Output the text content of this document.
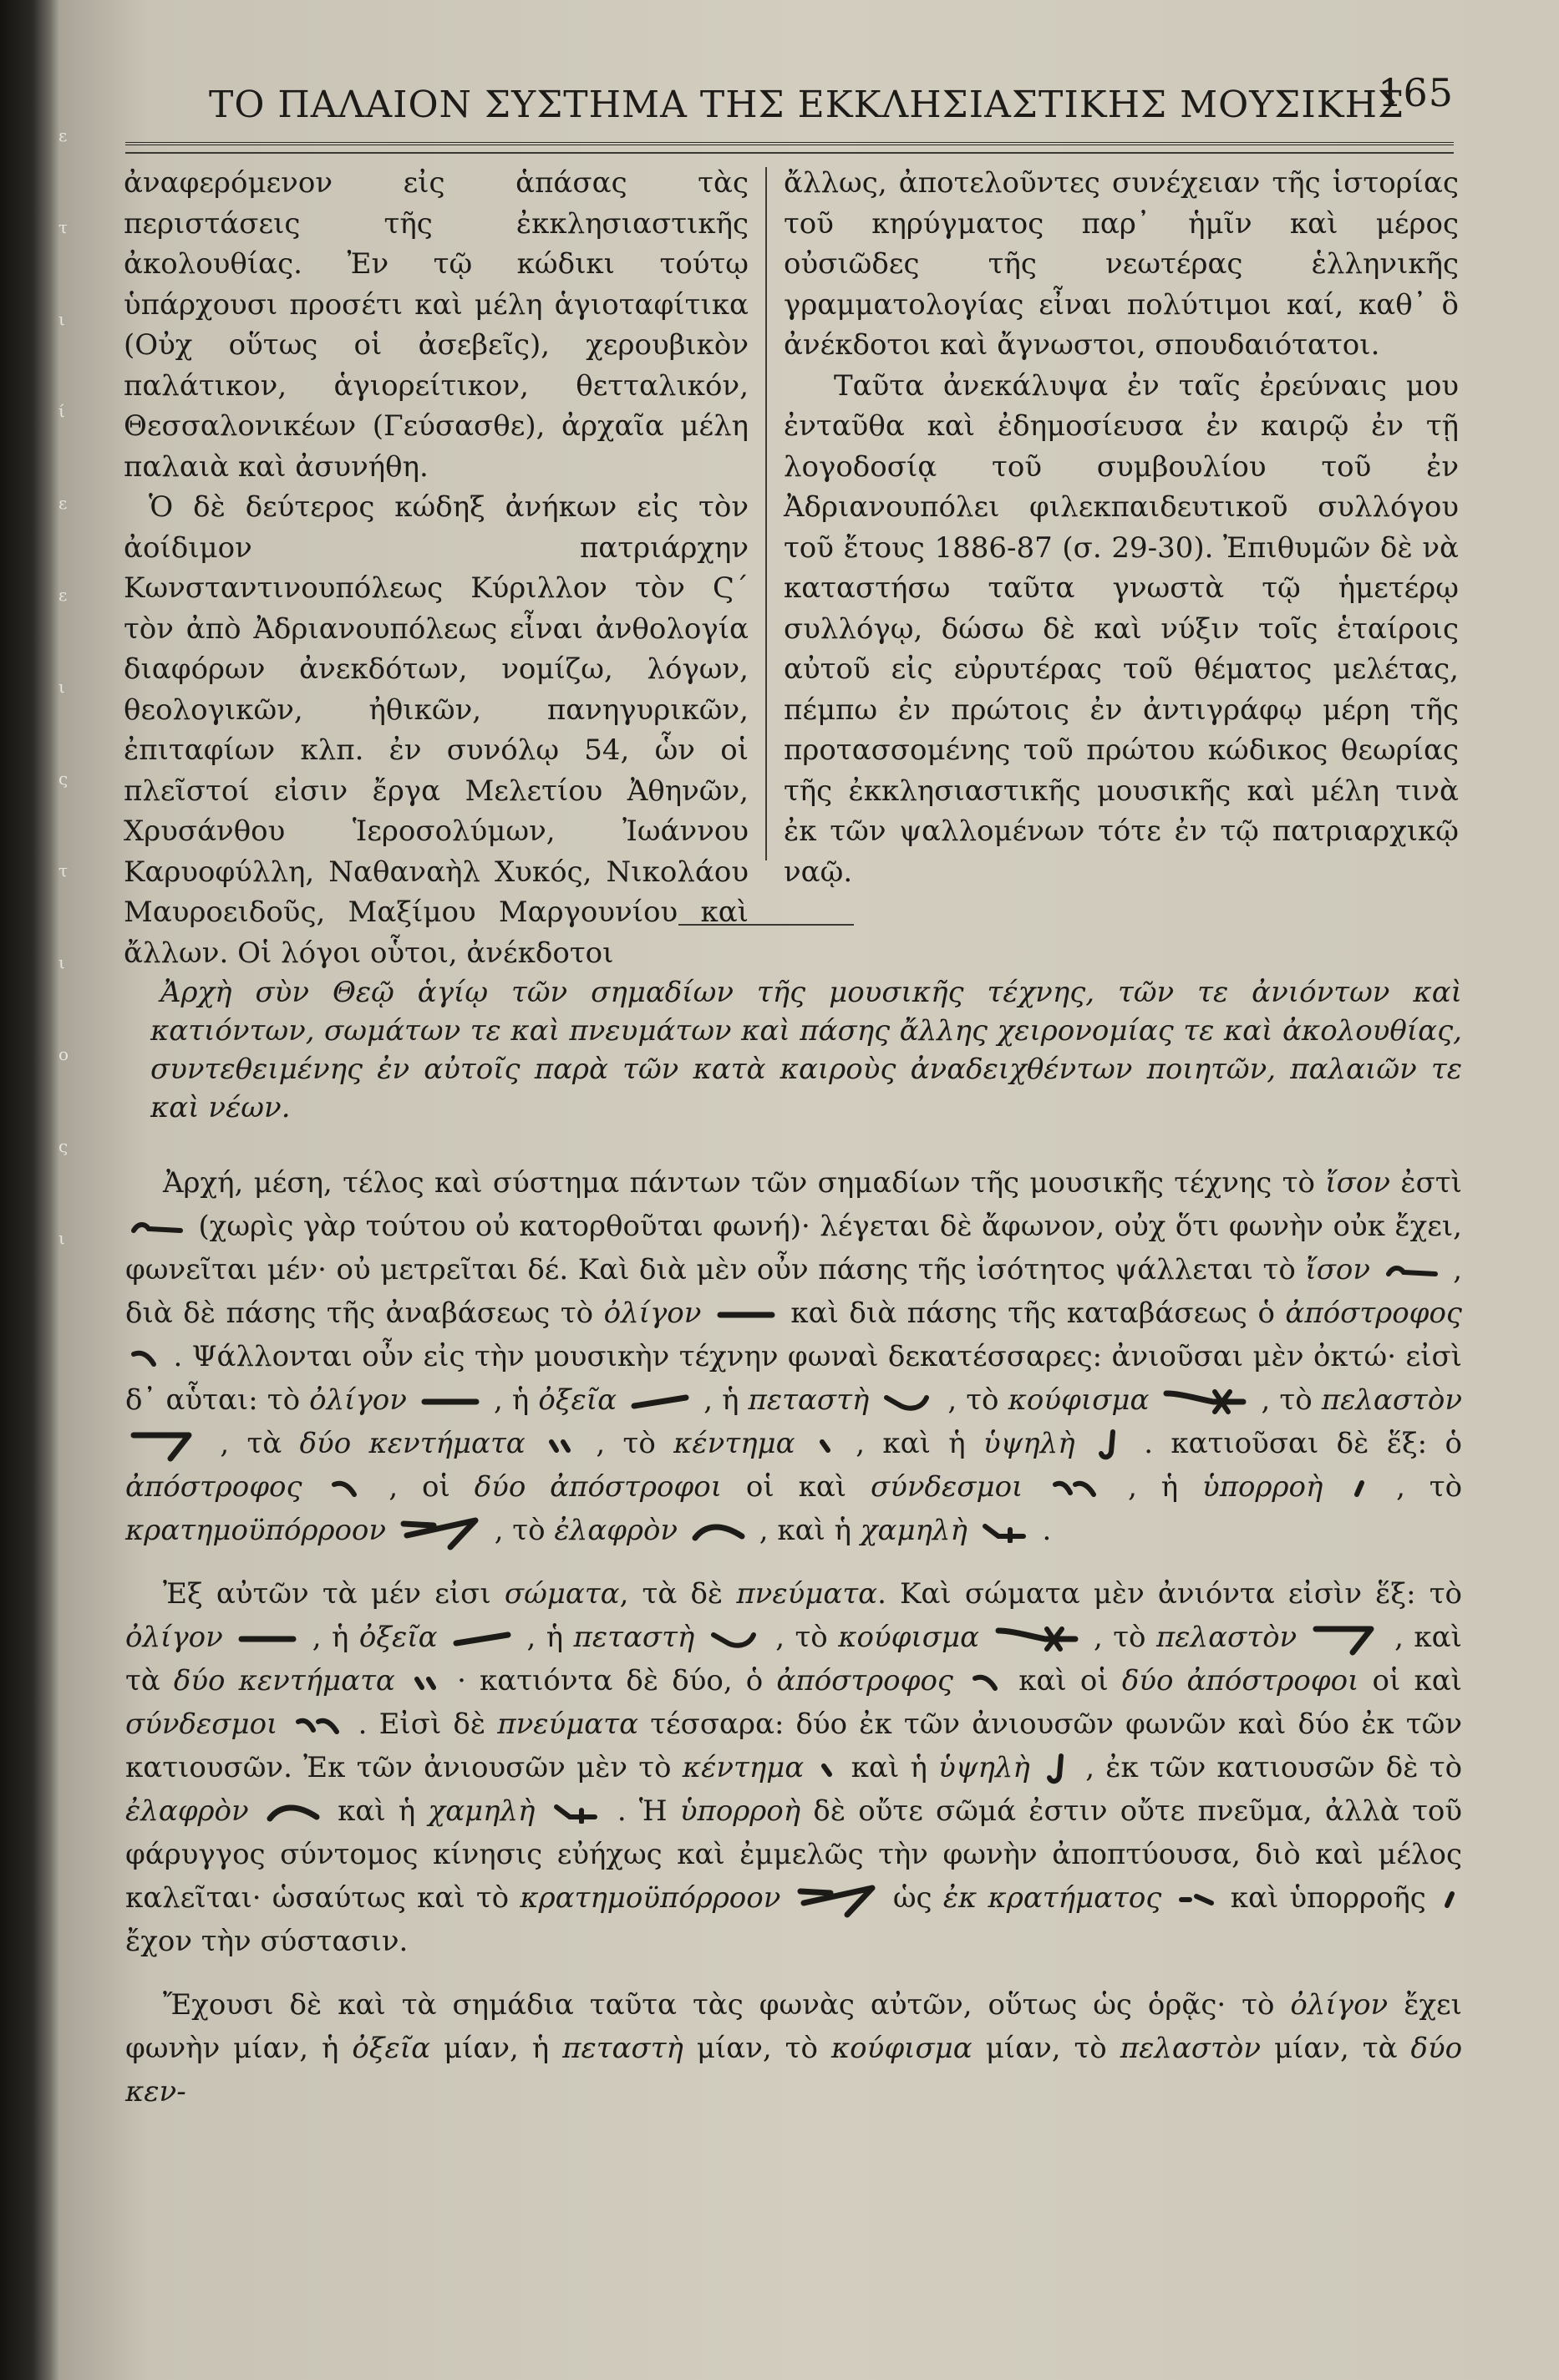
ε
τ
ι
ί
ε
ε
ι
ς
τ
ι
ο
ς
ι
ΤΟ ΠΑΛΑΙΟΝ ΣΥΣΤΗΜΑ ΤΗΣ ΕΚΚΛΗΣΙΑΣΤΙΚΗΣ ΜΟΥΣΙΚΗΣ
165

ἀναφερόμενον εἰς ἁπάσας τὰς περιστάσεις τῆς ἐκκλησιαστικῆς ἀκολουθίας. Ἐν τῷ κώδικι τούτῳ ὑπάρχουσι προσέτι καὶ μέλη ἁγιοταφίτικα (Οὐχ οὕτως οἱ ἀσεβεῖς), χερουβικὸν παλάτικον, ἁγιορείτικον, θετταλικόν, Θεσσαλονικέων (Γεύσασθε), ἀρχαῖα μέλη παλαιὰ καὶ ἀσυνήθη.

Ὁ δὲ δεύτερος κώδηξ ἀνήκων εἰς τὸν ἀοίδιμον πατριάρχην Κωνσταντινουπόλεως Κύριλλον τὸν Ϛ΄ τὸν ἀπὸ Ἀδριανουπόλεως εἶναι ἀνθολογία διαφόρων ἀνεκδότων, νομίζω, λόγων, θεολογικῶν, ἠθικῶν, πανηγυρικῶν, ἐπιταφίων κλπ. ἐν συνόλῳ 54, ὧν οἱ πλεῖστοί εἰσιν ἔργα Μελετίου Ἀθηνῶν, Χρυσάνθου Ἱεροσολύμων, Ἰωάννου Καρυοφύλλη, Ναθαναὴλ Χυκός, Νικολάου Μαυροειδοῦς, Μαξίμου Μαργουνίου καὶ ἄλλων. Οἱ λόγοι οὗτοι, ἀνέκδοτοι

ἄλλως, ἀποτελοῦντες συνέχειαν τῆς ἱστορίας τοῦ κηρύγματος παρ᾽ ἡμῖν καὶ μέρος οὐσιῶδες τῆς νεωτέρας ἑλληνικῆς γραμματολογίας εἶναι πολύτιμοι καί, καθ᾽ ὃ ἀνέκδοτοι καὶ ἄγνωστοι, σπουδαιότατοι.

Ταῦτα ἀνεκάλυψα ἐν ταῖς ἐρεύναις μου ἐνταῦθα καὶ ἐδημοσίευσα ἐν καιρῷ ἐν τῇ λογοδοσίᾳ τοῦ συμβουλίου τοῦ ἐν Ἀδριανουπόλει φιλεκπαιδευτικοῦ συλλόγου τοῦ ἔτους 1886-87 (σ. 29-30). Ἐπιθυμῶν δὲ νὰ καταστήσω ταῦτα γνωστὰ τῷ ἡμετέρῳ συλλόγῳ, δώσω δὲ καὶ νύξιν τοῖς ἑταίροις αὐτοῦ εἰς εὐρυτέρας τοῦ θέματος μελέτας, πέμπω ἐν πρώτοις ἐν ἀντιγράφῳ μέρη τῆς προτασσομένης τοῦ πρώτου κώδικος θεωρίας τῆς ἐκκλησιαστικῆς μουσικῆς καὶ μέλη τινὰ ἐκ τῶν ψαλλομένων τότε ἐν τῷ πατριαρχικῷ ναῷ.

Ἀρχὴ σὺν Θεῷ ἁγίῳ τῶν σημαδίων τῆς μουσικῆς τέχνης, τῶν τε ἀνιόντων καὶ κατιόντων, σωμάτων τε καὶ πνευμάτων καὶ πάσης ἄλλης χειρονομίας τε καὶ ἀκολουθίας, συντεθειμένης ἐν αὐτοῖς παρὰ τῶν κατὰ καιροὺς ἀναδειχθέντων ποιητῶν, παλαιῶν τε καὶ νέων.

Ἀρχή, μέση, τέλος καὶ σύστημα πάντων τῶν σημαδίων τῆς μουσικῆς τέχνης τὸ ἴσον ἐστὶ
(χωρὶς γὰρ τούτου οὐ κατορθοῦται φωνή)· λέγεται δὲ ἄφωνον, οὐχ ὅτι φωνὴν οὐκ ἔχει, φωνεῖται μέν· οὐ μετρεῖται δέ. Καὶ διὰ μὲν οὖν πάσης τῆς ἰσότητος ψάλλεται τὸ ἴσον	, διὰ δὲ πάσης τῆς ἀναβάσεως τὸ ὀλίγον	καὶ διὰ πάσης τῆς καταβάσεως ὁ ἀπόστροφος
. Ψάλλονται οὖν εἰς τὴν μουσικὴν τέχνην φωναὶ δεκατέσσαρες: ἀνιοῦσαι μὲν ὀκτώ· εἰσὶ δ᾽ αὗται: τὸ ὀλίγον	, ἡ ὀξεῖα	, ἡ πεταστὴ	, τὸ κούφισμα	, τὸ πελαστὸν
, τὰ δύο κεντήματα , τὸ κέντημα , καὶ ἡ ὑψηλὴ . κατιοῦσαι δὲ ἕξ: ὁ ἀπόστροφος	, οἱ δύο ἀπόστροφοι οἱ καὶ σύνδεσμοι	, ἡ ὑπορροὴ	, τὸ κρατημοϋπόρροον	, τὸ ἐλαφρὸν	, καὶ ἡ χαμηλὴ	.

Ἐξ αὐτῶν τὰ μέν εἰσι σώματα, τὰ δὲ πνεύματα. Καὶ σώματα μὲν ἀνιόντα εἰσὶν ἕξ: τὸ ὀλίγον	, ἡ ὀξεῖα	, ἡ πεταστὴ	, τὸ κούφισμα	, τὸ πελαστὸν	, καὶ τὰ δύο κεντήματα · κατιόντα δὲ δύο, ὁ ἀπόστροφος καὶ οἱ δύο ἀπόστροφοι οἱ καὶ σύνδεσμοι	. Εἰσὶ δὲ πνεύματα τέσσαρα: δύο ἐκ τῶν ἀνιουσῶν φωνῶν καὶ δύο ἐκ τῶν κατιουσῶν. Ἐκ τῶν ἀνιουσῶν μὲν τὸ κέντημα καὶ ἡ ὑψηλὴ , ἐκ τῶν κατιουσῶν δὲ τὸ ἐλαφρὸν	καὶ ἡ χαμηλὴ	. Ἡ ὑπορροὴ δὲ οὔτε σῶμά ἐστιν οὔτε πνεῦμα, ἀλλὰ τοῦ φάρυγγος σύντομος κίνησις εὐήχως καὶ ἐμμελῶς τὴν φωνὴν ἀποπτύουσα, διὸ καὶ μέλος καλεῖται· ὡσαύτως καὶ τὸ κρατημοϋπόρροον	ὡς ἐκ κρατήματος καὶ ὑπορροῆς
ἔχον τὴν σύστασιν.

Ἔχουσι δὲ καὶ τὰ σημάδια ταῦτα τὰς φωνὰς αὐτῶν, οὕτως ὡς ὁρᾷς· τὸ ὀλίγον ἔχει φωνὴν μίαν, ἡ ὀξεῖα μίαν, ἡ πεταστὴ μίαν, τὸ κούφισμα μίαν, τὸ πελαστὸν μίαν, τὰ δύο κεν-
